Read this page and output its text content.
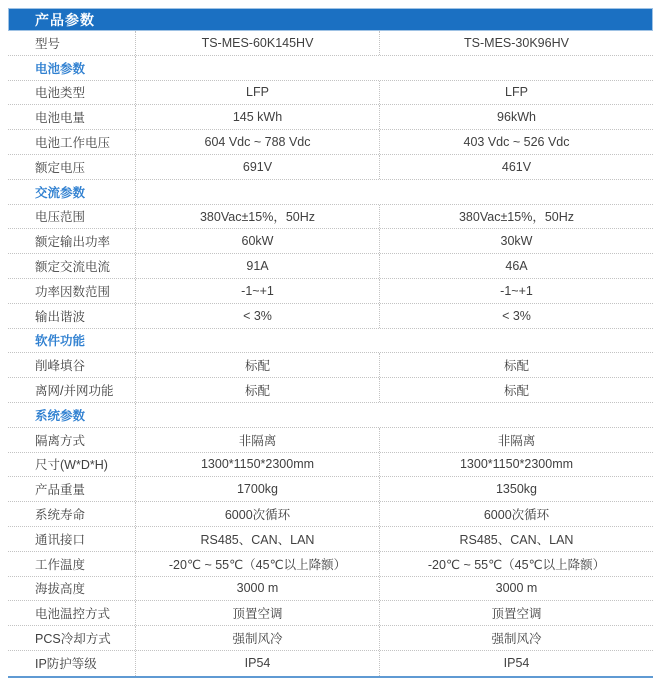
产品参数
型号	TS-MES-60K145HV	TS-MES-30K96HV
电池参数
电池类型	LFP	LFP
电池电量	145 kWh	96kWh
电池工作电压	604 Vdc ~ 788 Vdc	403 Vdc ~ 526 Vdc
额定电压	691V	461V
交流参数
电压范围	380Vac±15%，50Hz	380Vac±15%，50Hz
额定输出功率	60kW	30kW
额定交流电流	91A	46A
功率因数范围	-1~+1	-1~+1
输出谐波	< 3%	< 3%
软件功能
削峰填谷	标配	标配
离网/并网功能	标配	标配
系统参数
隔离方式	非隔离	非隔离
尺寸(W*D*H)	1300*1150*2300mm	1300*1150*2300mm
产品重量	1700kg	1350kg
系统寿命	6000次循环	6000次循环
通讯接口	RS485、CAN、LAN	RS485、CAN、LAN
工作温度	-20℃ ~ 55℃（45℃以上降额）	-20℃ ~ 55℃（45℃以上降额）
海拔高度	3000 m	3000 m
电池温控方式	顶置空调	顶置空调
PCS冷却方式	强制风冷	强制风冷
IP防护等级	IP54	IP54
